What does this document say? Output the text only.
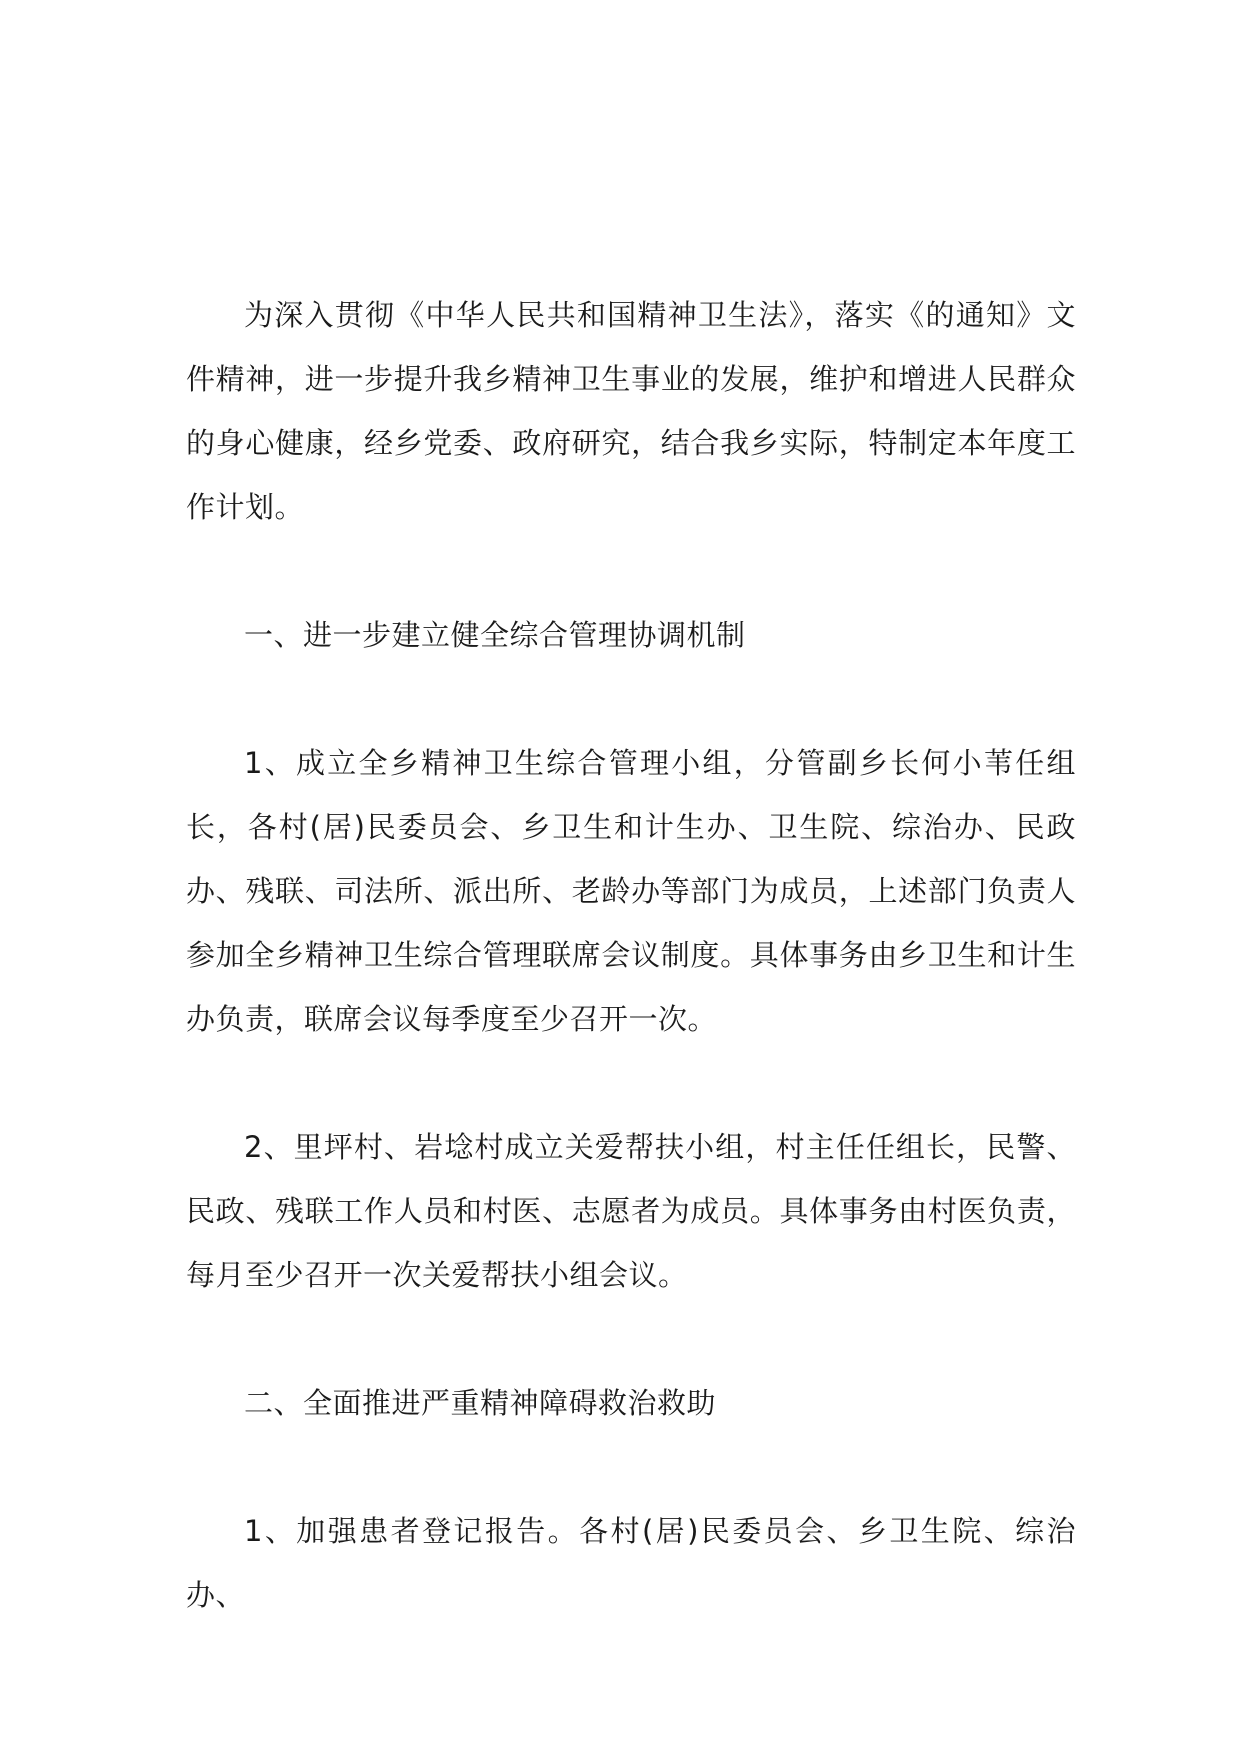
为深入贯彻《中华人民共和国精神卫生法》，落实《的通知》文件精神，进一步提升我乡精神卫生事业的发展，维护和增进人民群众的身心健康，经乡党委、政府研究，结合我乡实际，特制定本年度工作计划。

一、进一步建立健全综合管理协调机制

1、成立全乡精神卫生综合管理小组，分管副乡长何小苇任组长，各村(居)民委员会、乡卫生和计生办、卫生院、综治办、民政办、残联、司法所、派出所、老龄办等部门为成员，上述部门负责人参加全乡精神卫生综合管理联席会议制度。具体事务由乡卫生和计生办负责，联席会议每季度至少召开一次。

2、里坪村、岩埝村成立关爱帮扶小组，村主任任组长，民警、民政、残联工作人员和村医、志愿者为成员。具体事务由村医负责，每月至少召开一次关爱帮扶小组会议。

二、全面推进严重精神障碍救治救助

1、加强患者登记报告。各村(居)民委员会、乡卫生院、综治办、
